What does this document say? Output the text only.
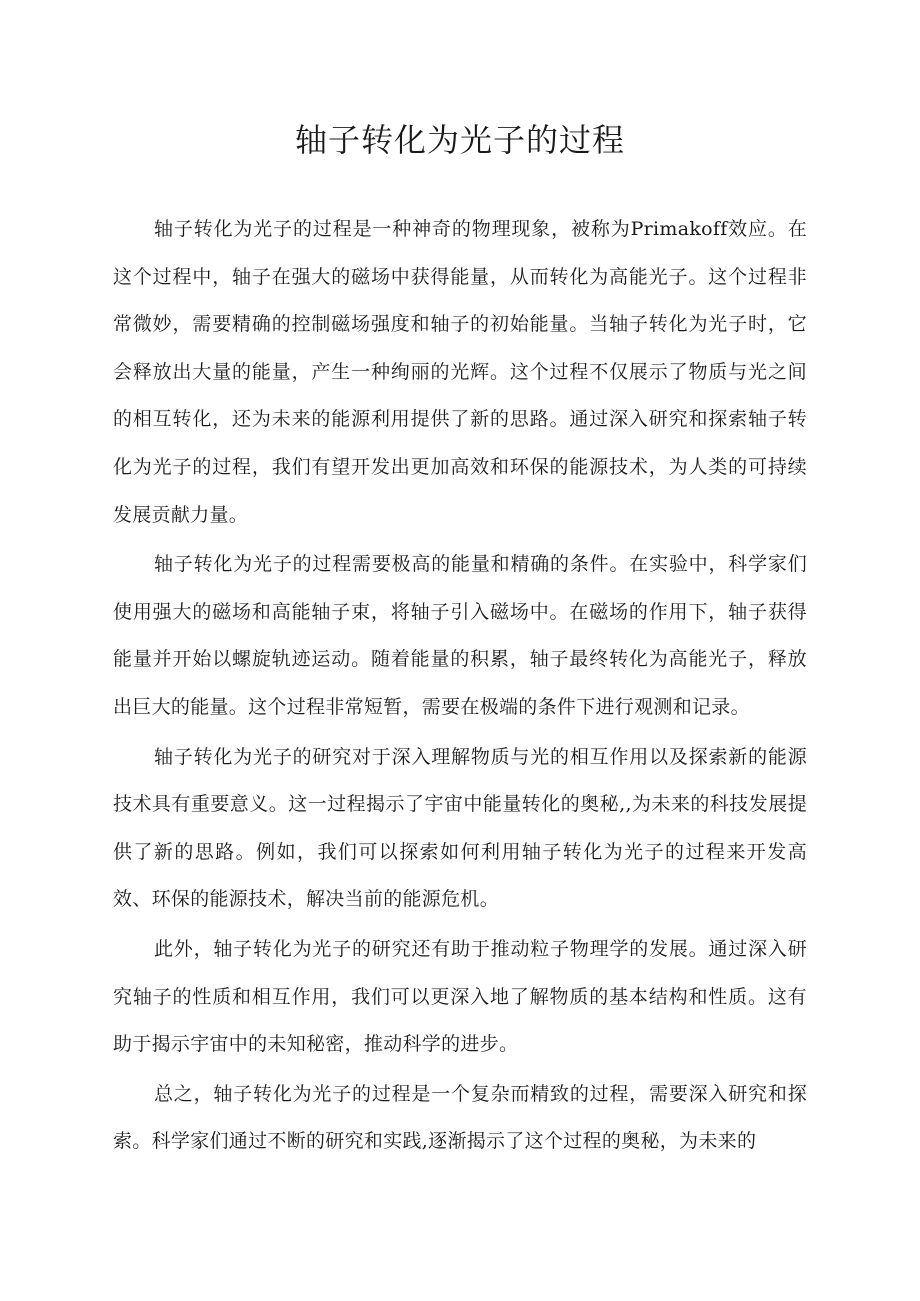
轴子转化为光子的过程

轴子转化为光子的过程是一种神奇的物理现象，被称为Primakoff效应。在这个过程中，轴子在强大的磁场中获得能量，从而转化为高能光子。这个过程非常微妙，需要精确的控制磁场强度和轴子的初始能量。当轴子转化为光子时，它会释放出大量的能量，产生一种绚丽的光辉。这个过程不仅展示了物质与光之间的相互转化，还为未来的能源利用提供了新的思路。通过深入研究和探索轴子转化为光子的过程，我们有望开发出更加高效和环保的能源技术，为人类的可持续发展贡献力量。

轴子转化为光子的过程需要极高的能量和精确的条件。在实验中，科学家们使用强大的磁场和高能轴子束，将轴子引入磁场中。在磁场的作用下，轴子获得能量并开始以螺旋轨迹运动。随着能量的积累，轴子最终转化为高能光子，释放出巨大的能量。这个过程非常短暂，需要在极端的条件下进行观测和记录。

轴子转化为光子的研究对于深入理解物质与光的相互作用以及探索新的能源技术具有重要意义。这一过程揭示了宇宙中能量转化的奥秘,,为未来的科技发展提供了新的思路。例如，我们可以探索如何利用轴子转化为光子的过程来开发高效、环保的能源技术，解决当前的能源危机。

此外，轴子转化为光子的研究还有助于推动粒子物理学的发展。通过深入研究轴子的性质和相互作用，我们可以更深入地了解物质的基本结构和性质。这有助于揭示宇宙中的未知秘密，推动科学的进步。

总之，轴子转化为光子的过程是一个复杂而精致的过程，需要深入研究和探索。科学家们通过不断的研究和实践,逐渐揭示了这个过程的奥秘，为未来的
